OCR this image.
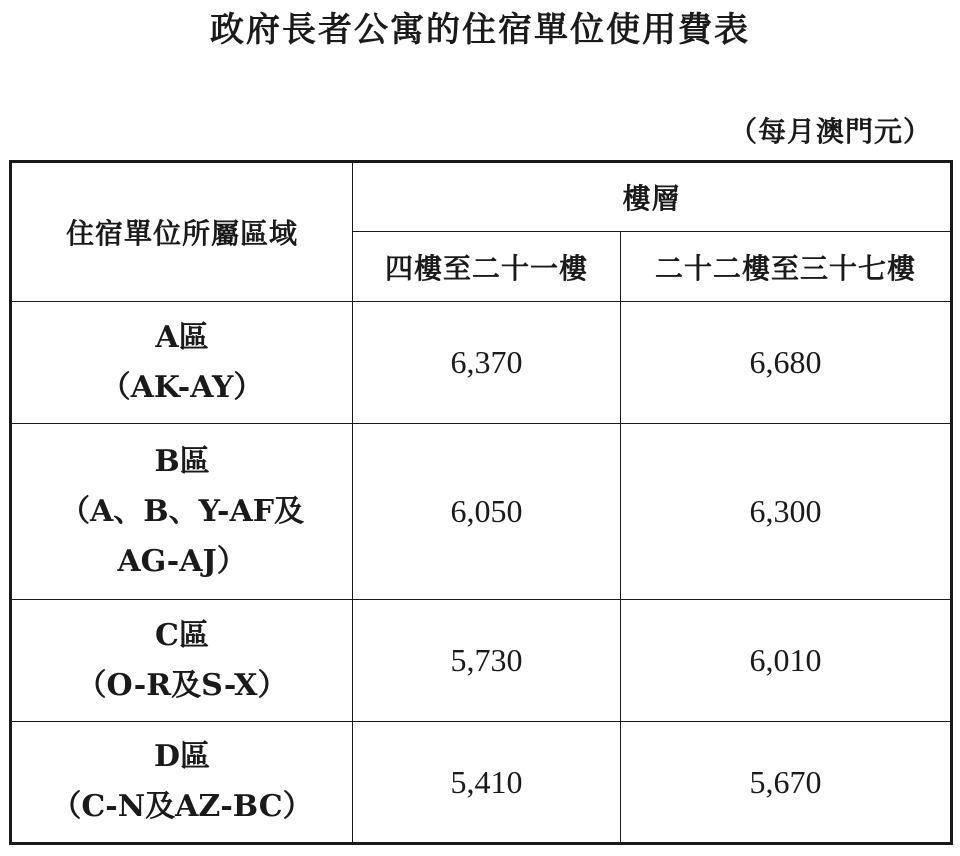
政府長者公寓的住宿單位使用費表
（每月澳門元）
住宿單位所屬區域	樓層	
	四樓至二十一樓	二十二樓至三十七樓

A區
（AK-AY）	6,370	6,680

B區
（A、B、Y-AF及
AG-AJ）	6,050	6,300

C區
（O-R及S-X）	5,730	6,010

D區
（C-N及AZ-BC）	5,410	5,670
